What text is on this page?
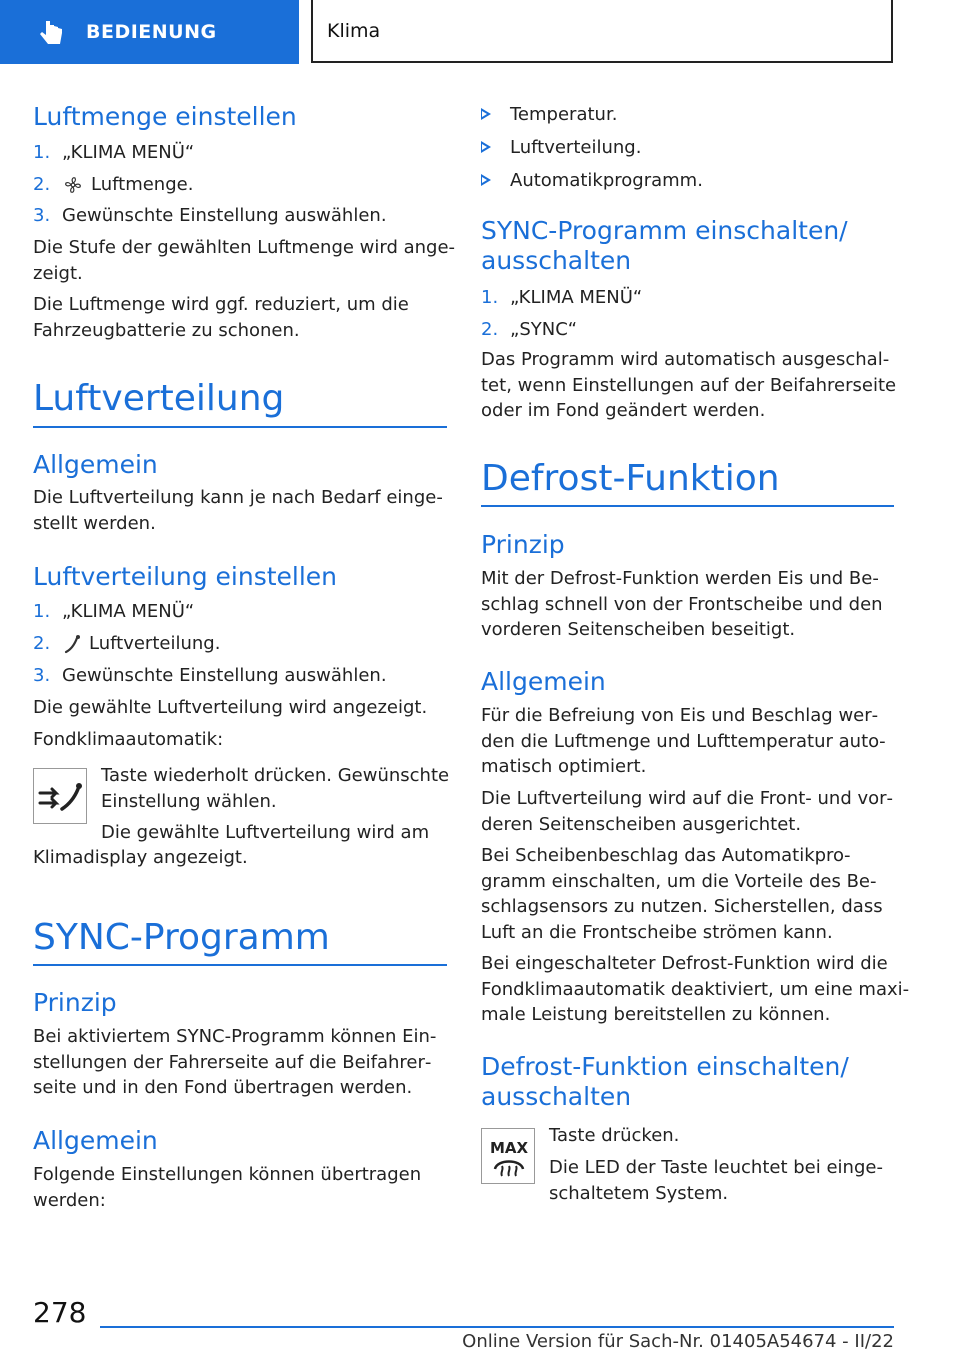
BEDIENUNG	Klima
Luftmenge einstellen
1. „KLIMA MENÜ“
2. Luftmenge.
3. Gewünschte Einstellung auswählen.
Die Stufe der gewählten Luftmenge wird ange‐
zeigt.
Die Luftmenge wird ggf. reduziert, um die
Fahrzeugbatterie zu schonen.
Luftverteilung
Allgemein
Die Luftverteilung kann je nach Bedarf einge‐
stellt werden.
Luftverteilung einstellen
1. „KLIMA MENÜ“
2. Luftverteilung.
3. Gewünschte Einstellung auswählen.
Die gewählte Luftverteilung wird angezeigt.
Fondklimaautomatik:
Taste wiederholt drücken. Gewünschte
Einstellung wählen.
Die gewählte Luftverteilung wird am
Klimadisplay angezeigt.
SYNC-Programm
Prinzip
Bei aktiviertem SYNC-Programm können Ein‐
stellungen der Fahrerseite auf die Beifahrer‐
seite und in den Fond übertragen werden.
Allgemein
Folgende Einstellungen können übertragen
werden:
Temperatur.
Luftverteilung.
Automatikprogramm.
SYNC-Programm einschalten/
ausschalten
1. „KLIMA MENÜ“
2. „SYNC“
Das Programm wird automatisch ausgeschal‐
tet, wenn Einstellungen auf der Beifahrerseite
oder im Fond geändert werden.
Defrost-Funktion
Prinzip
Mit der Defrost-Funktion werden Eis und Be‐
schlag schnell von der Frontscheibe und den
vorderen Seitenscheiben beseitigt.
Allgemein
Für die Befreiung von Eis und Beschlag wer‐
den die Luftmenge und Lufttemperatur auto‐
matisch optimiert.
Die Luftverteilung wird auf die Front- und vor‐
deren Seitenscheiben ausgerichtet.
Bei Scheibenbeschlag das Automatikpro‐
gramm einschalten, um die Vorteile des Be‐
schlagsensors zu nutzen. Sicherstellen, dass
Luft an die Frontscheibe strömen kann.
Bei eingeschalteter Defrost-Funktion wird die
Fondklimaautomatik deaktiviert, um eine maxi‐
male Leistung bereitstellen zu können.
Defrost-Funktion einschalten/
ausschalten
MAX
Taste drücken.
Die LED der Taste leuchtet bei einge‐
schaltetem System.
278
Online Version für Sach-Nr. 01405A54674 - II/22
